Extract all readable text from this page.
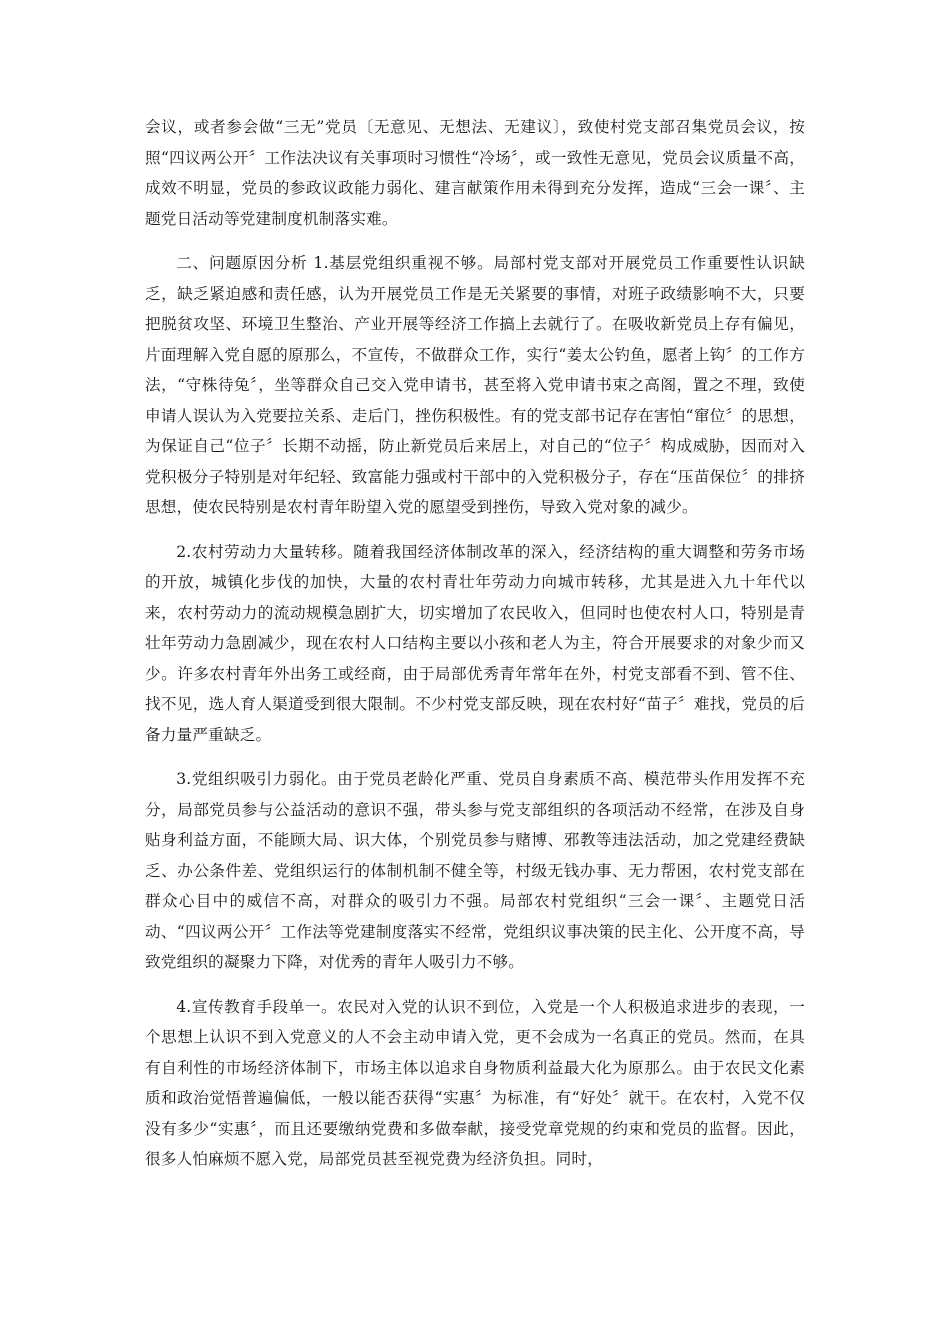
会议，或者参会做“三无”党员〔无意见、无想法、无建议〕，致使村党支部召集党员会议，按照“四议两公开〞工作法决议有关事项时习惯性“冷场〞，或一致性无意见，党员会议质量不高，成效不明显，党员的参政议政能力弱化、建言献策作用未得到充分发挥，造成“三会一课〞、主题党日活动等党建制度机制落实难。

二、问题原因分析 1.基层党组织重视不够。局部村党支部对开展党员工作重要性认识缺乏，缺乏紧迫感和责任感，认为开展党员工作是无关紧要的事情，对班子政绩影响不大，只要把脱贫攻坚、环境卫生整治、产业开展等经济工作搞上去就行了。在吸收新党员上存有偏见，片面理解入党自愿的原那么，不宣传，不做群众工作，实行“姜太公钓鱼，愿者上钩〞的工作方法，“守株待兔〞，坐等群众自己交入党申请书，甚至将入党申请书束之高阁，置之不理，致使申请人误认为入党要拉关系、走后门，挫伤积极性。有的党支部书记存在害怕“窜位〞的思想，为保证自己“位子〞长期不动摇，防止新党员后来居上，对自己的“位子〞构成威胁，因而对入党积极分子特别是对年纪轻、致富能力强或村干部中的入党积极分子，存在“压苗保位〞的排挤思想，使农民特别是农村青年盼望入党的愿望受到挫伤，导致入党对象的减少。

2.农村劳动力大量转移。随着我国经济体制改革的深入，经济结构的重大调整和劳务市场的开放，城镇化步伐的加快，大量的农村青壮年劳动力向城市转移，尤其是进入九十年代以来，农村劳动力的流动规模急剧扩大，切实增加了农民收入，但同时也使农村人口，特别是青壮年劳动力急剧减少，现在农村人口结构主要以小孩和老人为主，符合开展要求的对象少而又少。许多农村青年外出务工或经商，由于局部优秀青年常年在外，村党支部看不到、管不住、找不见，选人育人渠道受到很大限制。不少村党支部反映，现在农村好“苗子〞难找，党员的后备力量严重缺乏。

3.党组织吸引力弱化。由于党员老龄化严重、党员自身素质不高、模范带头作用发挥不充分，局部党员参与公益活动的意识不强，带头参与党支部组织的各项活动不经常，在涉及自身贴身利益方面，不能顾大局、识大体，个别党员参与赌博、邪教等违法活动，加之党建经费缺乏、办公条件差、党组织运行的体制机制不健全等，村级无钱办事、无力帮困，农村党支部在群众心目中的威信不高，对群众的吸引力不强。局部农村党组织“三会一课〞、主题党日活动、“四议两公开〞工作法等党建制度落实不经常，党组织议事决策的民主化、公开度不高，导致党组织的凝聚力下降，对优秀的青年人吸引力不够。

4.宣传教育手段单一。农民对入党的认识不到位，入党是一个人积极追求进步的表现，一个思想上认识不到入党意义的人不会主动申请入党，更不会成为一名真正的党员。然而，在具有自利性的市场经济体制下，市场主体以追求自身物质利益最大化为原那么。由于农民文化素质和政治觉悟普遍偏低，一般以能否获得“实惠〞为标准，有“好处〞就干。在农村，入党不仅没有多少“实惠〞，而且还要缴纳党费和多做奉献，接受党章党规的约束和党员的监督。因此，很多人怕麻烦不愿入党，局部党员甚至视党费为经济负担。同时，
